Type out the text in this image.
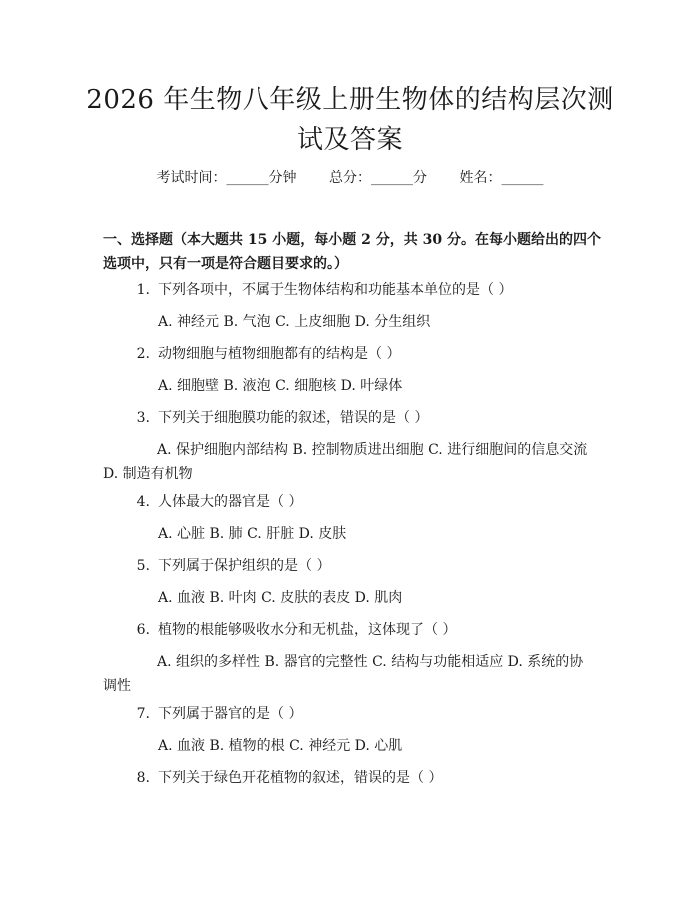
2026 年生物八年级上册生物体的结构层次测试及答案
考试时间：______分钟 总分：______分 姓名：______
一、选择题（本大题共 15 小题，每小题 2 分，共 30 分。在每小题给出的四个选项中，只有一项是符合题目要求的。）
1. 下列各项中，不属于生物体结构和功能基本单位的是（ ）
A. 神经元 B. 气泡 C. 上皮细胞 D. 分生组织
2. 动物细胞与植物细胞都有的结构是（ ）
A. 细胞壁 B. 液泡 C. 细胞核 D. 叶绿体
3. 下列关于细胞膜功能的叙述，错误的是（ ）
A. 保护细胞内部结构 B. 控制物质进出细胞 C. 进行细胞间的信息交流 D. 制造有机物
4. 人体最大的器官是（ ）
A. 心脏 B. 肺 C. 肝脏 D. 皮肤
5. 下列属于保护组织的是（ ）
A. 血液 B. 叶肉 C. 皮肤的表皮 D. 肌肉
6. 植物的根能够吸收水分和无机盐，这体现了（ ）
A. 组织的多样性 B. 器官的完整性 C. 结构与功能相适应 D. 系统的协调性
7. 下列属于器官的是（ ）
A. 血液 B. 植物的根 C. 神经元 D. 心肌
8. 下列关于绿色开花植物的叙述，错误的是（ ）
